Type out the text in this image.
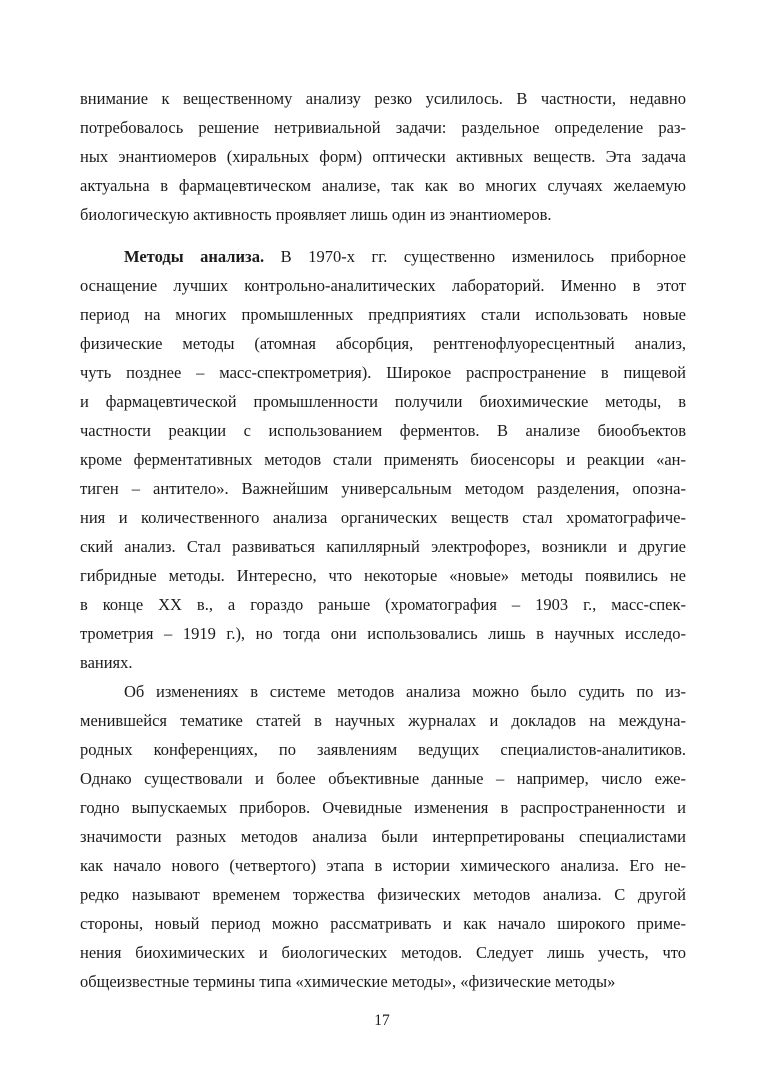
внимание к вещественному анализу резко усилилось. В частности, недавно
потребовалось решение нетривиальной задачи: раздельное определение раз-
ных энантиомеров (хиральных форм) оптически активных веществ. Эта задача
актуальна в фармацевтическом анализе, так как во многих случаях желаемую
биологическую активность проявляет лишь один из энантиомеров.
Методы анализа. В 1970-х гг. существенно изменилось приборное
оснащение лучших контрольно-аналитических лабораторий. Именно в этот
период на многих промышленных предприятиях стали использовать новые
физические методы (атомная абсорбция, рентгенофлуоресцентный анализ,
чуть позднее – масс-спектрометрия). Широкое распространение в пищевой
и фармацевтической промышленности получили биохимические методы, в
частности реакции с использованием ферментов. В анализе биообъектов
кроме ферментативных методов стали применять биосенсоры и реакции «ан-
тиген – антитело». Важнейшим универсальным методом разделения, опозна-
ния и количественного анализа органических веществ стал хроматографиче-
ский анализ. Стал развиваться капиллярный электрофорез, возникли и другие
гибридные методы. Интересно, что некоторые «новые» методы появились не
в конце XX в., а гораздо раньше (хроматография – 1903 г., масс-спек-
трометрия – 1919 г.), но тогда они использовались лишь в научных исследо-
ваниях.
Об изменениях в системе методов анализа можно было судить по из-
менившейся тематике статей в научных журналах и докладов на междуна-
родных конференциях, по заявлениям ведущих специалистов-аналитиков.
Однако существовали и более объективные данные – например, число еже-
годно выпускаемых приборов. Очевидные изменения в распространенности и
значимости разных методов анализа были интерпретированы специалистами
как начало нового (четвертого) этапа в истории химического анализа. Его не-
редко называют временем торжества физических методов анализа. С другой
стороны, новый период можно рассматривать и как начало широкого приме-
нения биохимических и биологических методов. Следует лишь учесть, что
общеизвестные термины типа «химические методы», «физические методы»
17
